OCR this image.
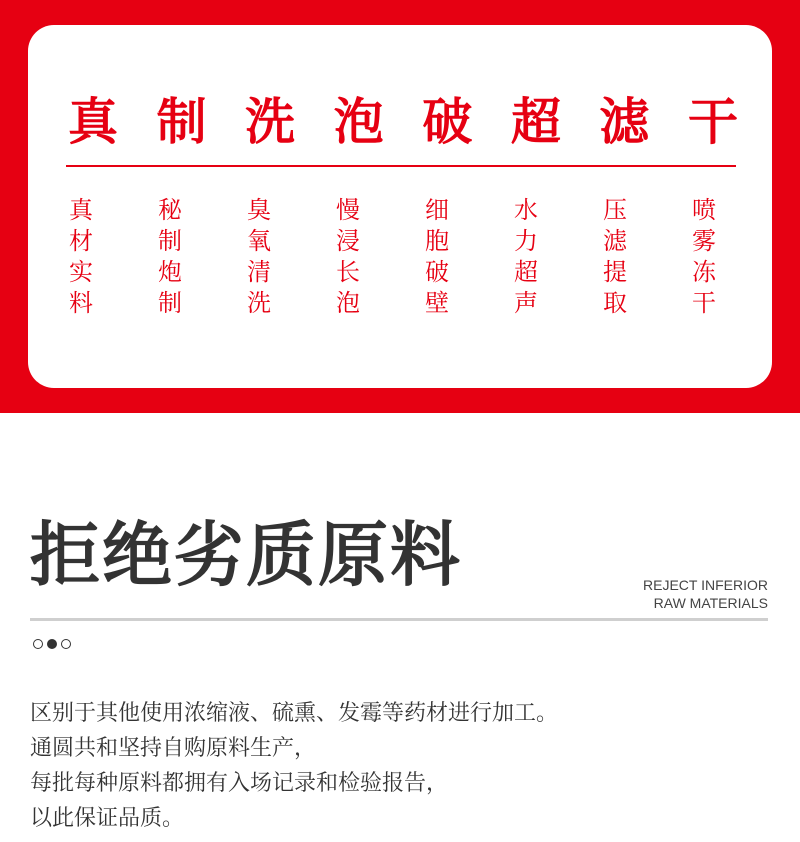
真 制 洗 泡 破 超 滤 干
真
材
实
料
秘
制
炮
制
臭
氧
清
洗
慢
浸
长
泡
细
胞
破
壁
水
力
超
声
压
滤
提
取
喷
雾
冻
干
拒绝劣质原料	REJECT INFERIOR
RAW MATERIALS
区别于其他使用浓缩液、硫熏、发霉等药材进行加工。
通圆共和坚持自购原料生产，
每批每种原料都拥有入场记录和检验报告，
以此保证品质。
